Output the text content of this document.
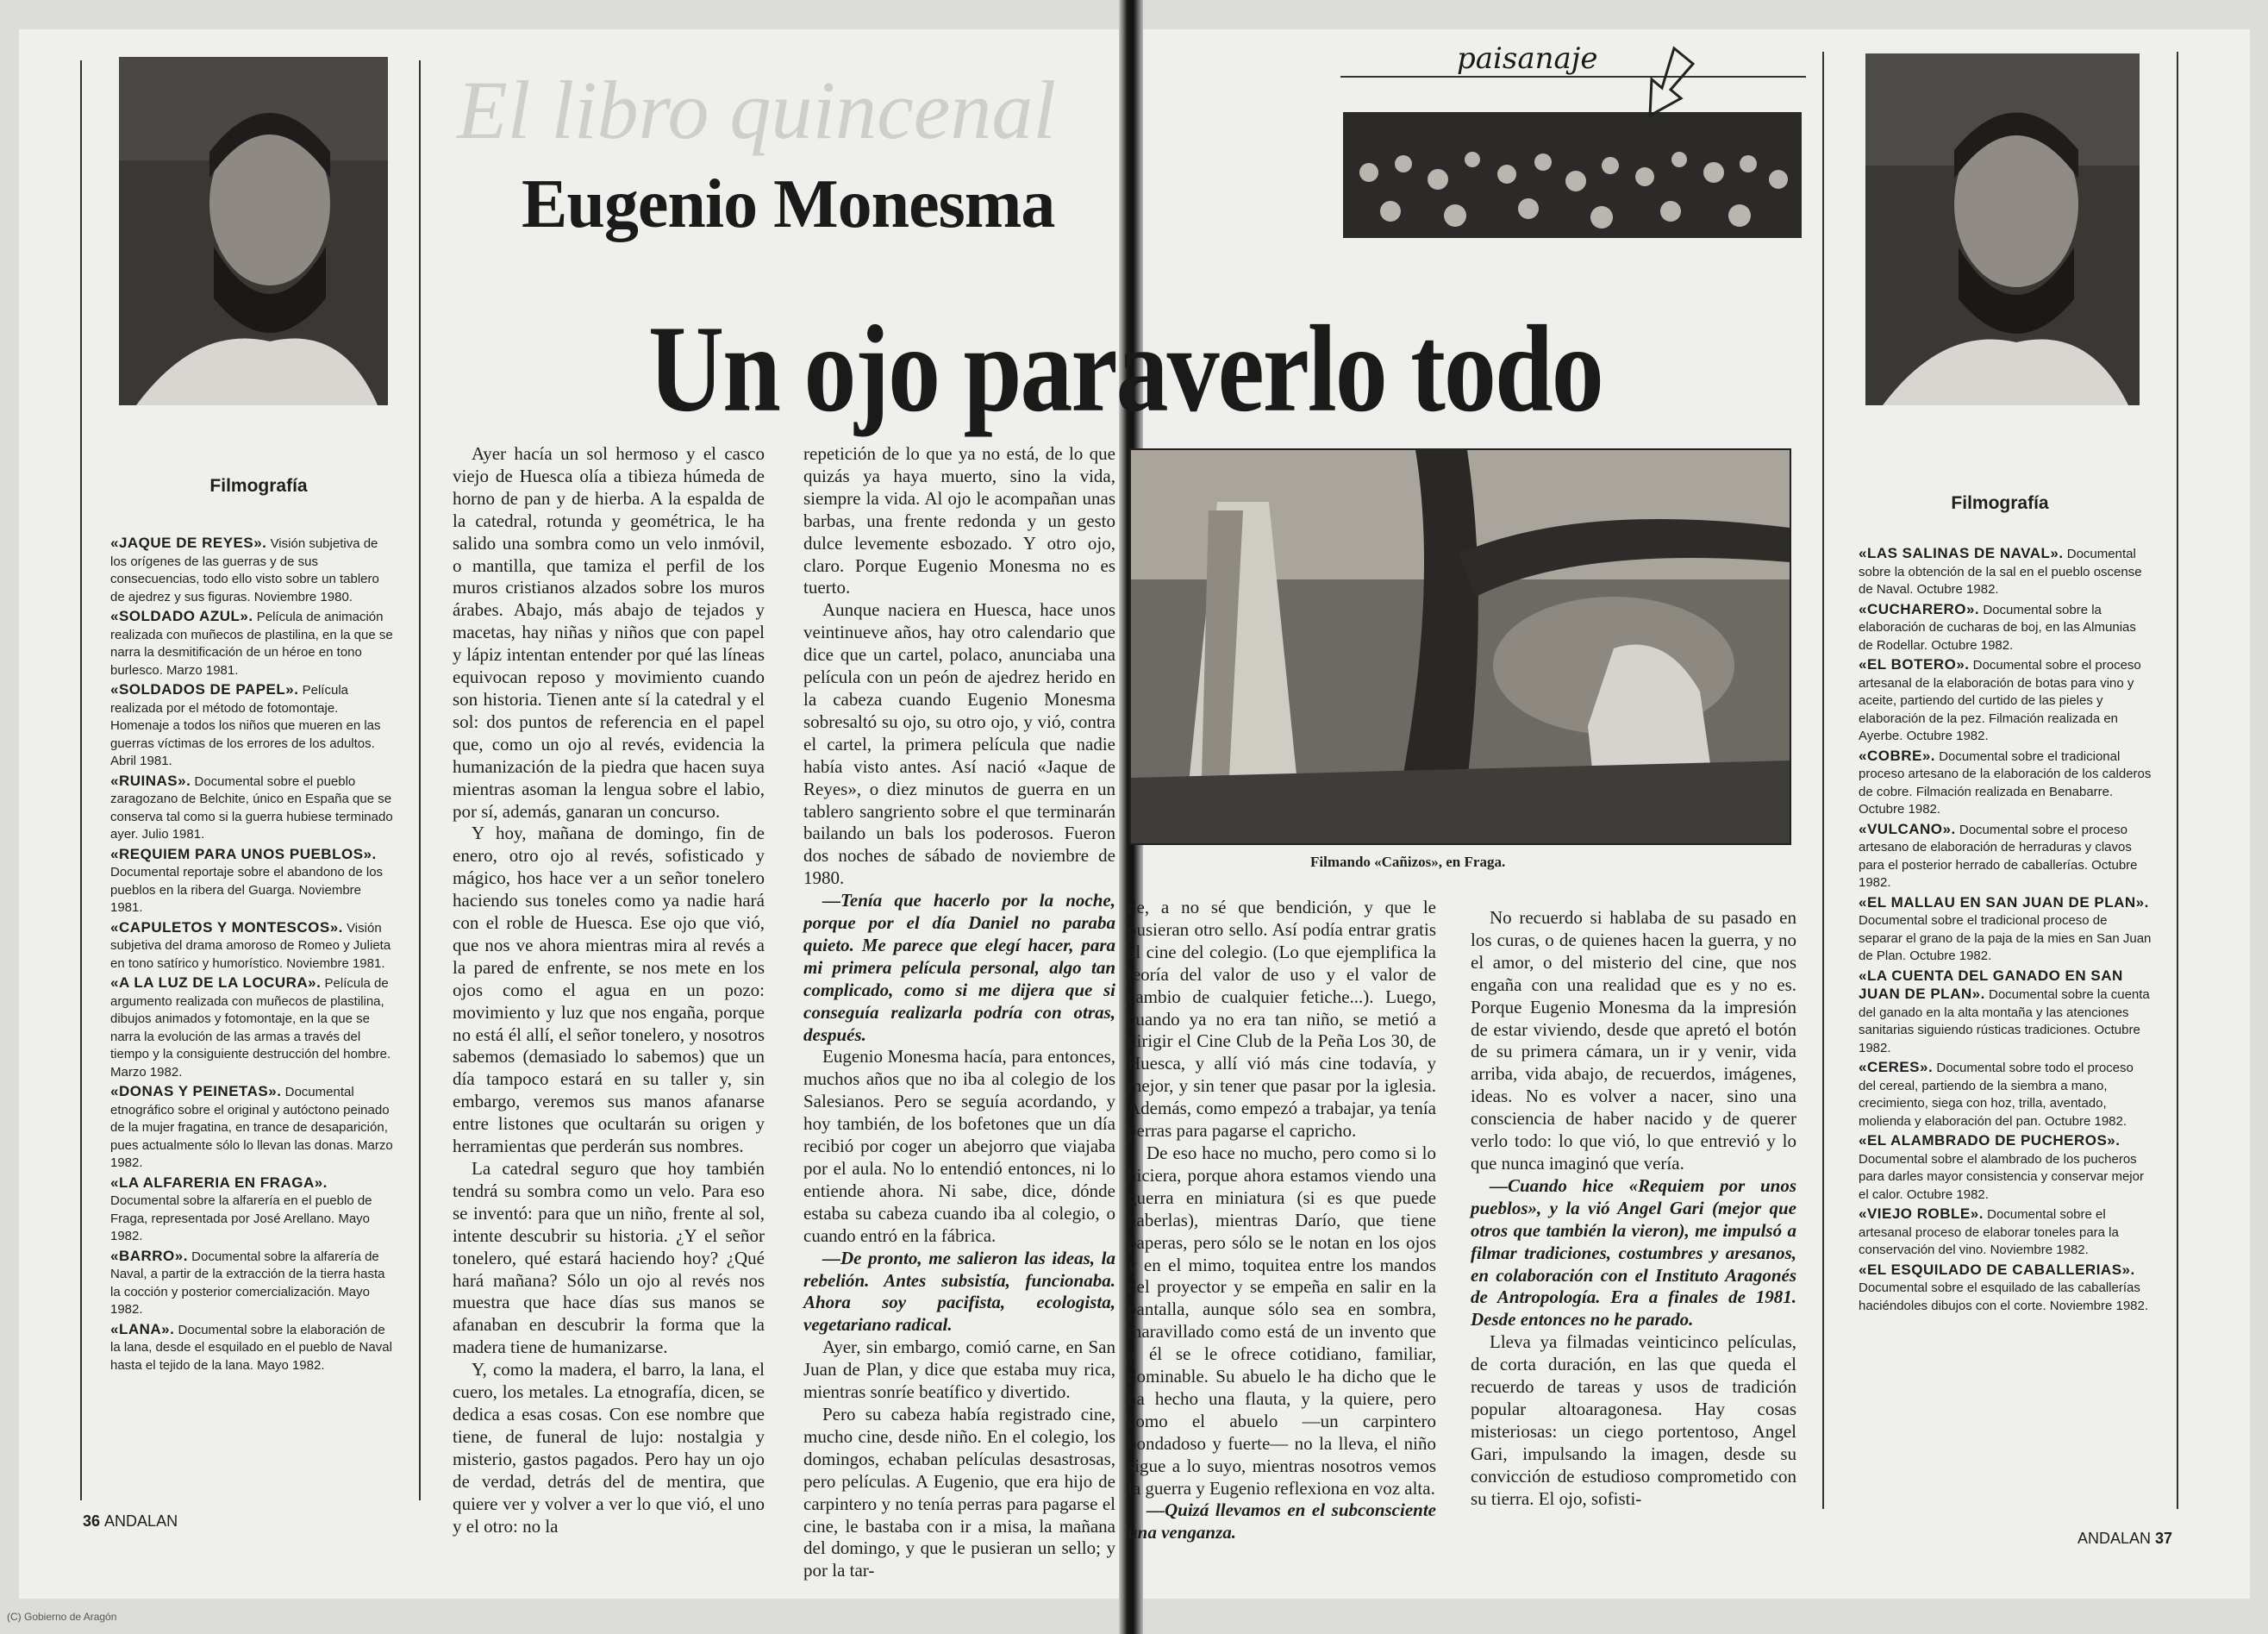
El libro quincenal
paisanaje
Eugenio Monesma
Un ojo paraverlo todo
Filmografía

«JAQUE DE REYES». Visión subjetiva de los orígenes de las guerras y de sus consecuencias, todo ello visto sobre un tablero de ajedrez y sus figuras. Noviembre 1980.

«SOLDADO AZUL». Película de animación realizada con muñecos de plastilina, en la que se narra la desmitificación de un héroe en tono burlesco. Marzo 1981.

«SOLDADOS DE PAPEL». Película realizada por el método de fotomontaje. Homenaje a todos los niños que mueren en las guerras víctimas de los errores de los adultos. Abril 1981.

«RUINAS». Documental sobre el pueblo zaragozano de Belchite, único en España que se conserva tal como si la guerra hubiese terminado ayer. Julio 1981.

«REQUIEM PARA UNOS PUEBLOS». Documental reportaje sobre el abandono de los pueblos en la ribera del Guarga. Noviembre 1981.

«CAPULETOS Y MONTESCOS». Visión subjetiva del drama amoroso de Romeo y Julieta en tono satírico y humorístico. Noviembre 1981.

«A LA LUZ DE LA LOCURA». Película de argumento realizada con muñecos de plastilina, dibujos animados y fotomontaje, en la que se narra la evolución de las armas a través del tiempo y la consiguiente destrucción del hombre. Marzo 1982.

«DONAS Y PEINETAS». Documental etnográfico sobre el original y autóctono peinado de la mujer fragatina, en trance de desaparición, pues actualmente sólo lo llevan las donas. Marzo 1982.

«LA ALFARERIA EN FRAGA». Documental sobre la alfarería en el pueblo de Fraga, representada por José Arellano. Mayo 1982.

«BARRO». Documental sobre la alfarería de Naval, a partir de la extracción de la tierra hasta la cocción y posterior comercialización. Mayo 1982.

«LANA». Documental sobre la elaboración de la lana, desde el esquilado en el pueblo de Naval hasta el tejido de la lana. Mayo 1982.

Filmografía

«LAS SALINAS DE NAVAL». Documental sobre la obtención de la sal en el pueblo oscense de Naval. Octubre 1982.

«CUCHARERO». Documental sobre la elaboración de cucharas de boj, en las Almunias de Rodellar. Octubre 1982.

«EL BOTERO». Documental sobre el proceso artesanal de la elaboración de botas para vino y aceite, partiendo del curtido de las pieles y elaboración de la pez. Filmación realizada en Ayerbe. Octubre 1982.

«COBRE». Documental sobre el tradicional proceso artesano de la elaboración de los calderos de cobre. Filmación realizada en Benabarre. Octubre 1982.

«VULCANO». Documental sobre el proceso artesano de elaboración de herraduras y clavos para el posterior herrado de caballerías. Octubre 1982.

«EL MALLAU EN SAN JUAN DE PLAN». Documental sobre el tradicional proceso de separar el grano de la paja de la mies en San Juan de Plan. Octubre 1982.

«LA CUENTA DEL GANADO EN SAN JUAN DE PLAN». Documental sobre la cuenta del ganado en la alta montaña y las atenciones sanitarias siguiendo rústicas tradiciones. Octubre 1982.

«CERES». Documental sobre todo el proceso del cereal, partiendo de la siembra a mano, crecimiento, siega con hoz, trilla, aventado, molienda y elaboración del pan. Octubre 1982.

«EL ALAMBRADO DE PUCHEROS». Documental sobre el alambrado de los pucheros para darles mayor consistencia y conservar mejor el calor. Octubre 1982.

«VIEJO ROBLE». Documental sobre el artesanal proceso de elaborar toneles para la conservación del vino. Noviembre 1982.

«EL ESQUILADO DE CABALLERIAS». Documental sobre el esquilado de las caballerías haciéndoles dibujos con el corte. Noviembre 1982.

Ayer hacía un sol hermoso y el casco viejo de Huesca olía a tibieza húmeda de horno de pan y de hierba. A la espalda de la catedral, rotunda y geométrica, le ha salido una sombra como un velo inmóvil, o mantilla, que tamiza el perfil de los muros cristianos alzados sobre los muros árabes. Abajo, más abajo de tejados y macetas, hay niñas y niños que con papel y lápiz intentan entender por qué las líneas equivocan reposo y movimiento cuando son historia. Tienen ante sí la catedral y el sol: dos puntos de referencia en el papel que, como un ojo al revés, evidencia la humanización de la piedra que hacen suya mientras asoman la lengua sobre el labio, por sí, además, ganaran un concurso.

Y hoy, mañana de domingo, fin de enero, otro ojo al revés, sofisticado y mágico, hos hace ver a un señor tonelero haciendo sus toneles como ya nadie hará con el roble de Huesca. Ese ojo que vió, que nos ve ahora mientras mira al revés a la pared de enfrente, se nos mete en los ojos como el agua en un pozo: movimiento y luz que nos engaña, porque no está él allí, el señor tonelero, y nosotros sabemos (demasiado lo sabemos) que un día tampoco estará en su taller y, sin embargo, veremos sus manos afanarse entre listones que ocultarán su origen y herramientas que perderán sus nombres.

La catedral seguro que hoy también tendrá su sombra como un velo. Para eso se inventó: para que un niño, frente al sol, intente descubrir su historia. ¿Y el señor tonelero, qué estará haciendo hoy? ¿Qué hará mañana? Sólo un ojo al revés nos muestra que hace días sus manos se afanaban en descubrir la forma que la madera tiene de humanizarse.

Y, como la madera, el barro, la lana, el cuero, los metales. La etnografía, dicen, se dedica a esas cosas. Con ese nombre que tiene, de funeral de lujo: nostalgia y misterio, gastos pagados. Pero hay un ojo de verdad, detrás del de mentira, que quiere ver y volver a ver lo que vió, el uno y el otro: no la

repetición de lo que ya no está, de lo que quizás ya haya muerto, sino la vida, siempre la vida. Al ojo le acompañan unas barbas, una frente redonda y un gesto dulce levemente esbozado. Y otro ojo, claro. Porque Eugenio Monesma no es tuerto.

Aunque naciera en Huesca, hace unos veintinueve años, hay otro calendario que dice que un cartel, polaco, anunciaba una película con un peón de ajedrez herido en la cabeza cuando Eugenio Monesma sobresaltó su ojo, su otro ojo, y vió, contra el cartel, la primera película que nadie había visto antes. Así nació «Jaque de Reyes», o diez minutos de guerra en un tablero sangriento sobre el que terminarán bailando un bals los poderosos. Fueron dos noches de sábado de noviembre de 1980.

—Tenía que hacerlo por la noche, porque por el día Daniel no paraba quieto. Me parece que elegí hacer, para mi primera película personal, algo tan complicado, como si me dijera que si conseguía realizarla podría con otras, después.

Eugenio Monesma hacía, para entonces, muchos años que no iba al colegio de los Salesianos. Pero se seguía acordando, y hoy también, de los bofetones que un día recibió por coger un abejorro que viajaba por el aula. No lo entendió entonces, ni lo entiende ahora. Ni sabe, dice, dónde estaba su cabeza cuando iba al colegio, o cuando entró en la fábrica.

—De pronto, me salieron las ideas, la rebelión. Antes subsistía, funcionaba. Ahora soy pacifista, ecologista, vegetariano radical.

Ayer, sin embargo, comió carne, en San Juan de Plan, y dice que estaba muy rica, mientras sonríe beatífico y divertido.

Pero su cabeza había registrado cine, mucho cine, desde niño. En el colegio, los domingos, echaban películas desastrosas, pero películas. A Eugenio, que era hijo de carpintero y no tenía perras para pagarse el cine, le bastaba con ir a misa, la mañana del domingo, y que le pusieran un sello; y por la tar-

de, a no sé que bendición, y que le pusieran otro sello. Así podía entrar gratis al cine del colegio. (Lo que ejemplifica la teoría del valor de uso y el valor de cambio de cualquier fetiche...). Luego, cuando ya no era tan niño, se metió a dirigir el Cine Club de la Peña Los 30, de Huesca, y allí vió más cine todavía, y mejor, y sin tener que pasar por la iglesia. Además, como empezó a trabajar, ya tenía perras para pagarse el capricho.

De eso hace no mucho, pero como si lo hiciera, porque ahora estamos viendo una guerra en miniatura (si es que puede haberlas), mientras Darío, que tiene paperas, pero sólo se le notan en los ojos y en el mimo, toquitea entre los mandos del proyector y se empeña en salir en la pantalla, aunque sólo sea en sombra, maravillado como está de un invento que a él se le ofrece cotidiano, familiar, dominable. Su abuelo le ha dicho que le ha hecho una flauta, y la quiere, pero como el abuelo —un carpintero bondadoso y fuerte— no la lleva, el niño sigue a lo suyo, mientras nosotros vemos la guerra y Eugenio reflexiona en voz alta.

—Quizá llevamos en el subconsciente una venganza.

No recuerdo si hablaba de su pasado en los curas, o de quienes hacen la guerra, y no el amor, o del misterio del cine, que nos engaña con una realidad que es y no es. Porque Eugenio Monesma da la impresión de estar viviendo, desde que apretó el botón de su primera cámara, un ir y venir, vida arriba, vida abajo, de recuerdos, imágenes, ideas. No es volver a nacer, sino una consciencia de haber nacido y de querer verlo todo: lo que vió, lo que entrevió y lo que nunca imaginó que vería.

—Cuando hice «Requiem por unos pueblos», y la vió Angel Gari (mejor que otros que también la vieron), me impulsó a filmar tradiciones, costumbres y aresanos, en colaboración con el Instituto Aragonés de Antropología. Era a finales de 1981. Desde entonces no he parado.

Lleva ya filmadas veinticinco películas, de corta duración, en las que queda el recuerdo de tareas y usos de tradición popular altoaragonesa. Hay cosas misteriosas: un ciego portentoso, Angel Gari, impulsando la imagen, desde su convicción de estudioso comprometido con su tierra. El ojo, sofisti-

Filmando «Cañizos», en Fraga.
36 ANDALAN
ANDALAN 37
(C) Gobierno de Aragón
